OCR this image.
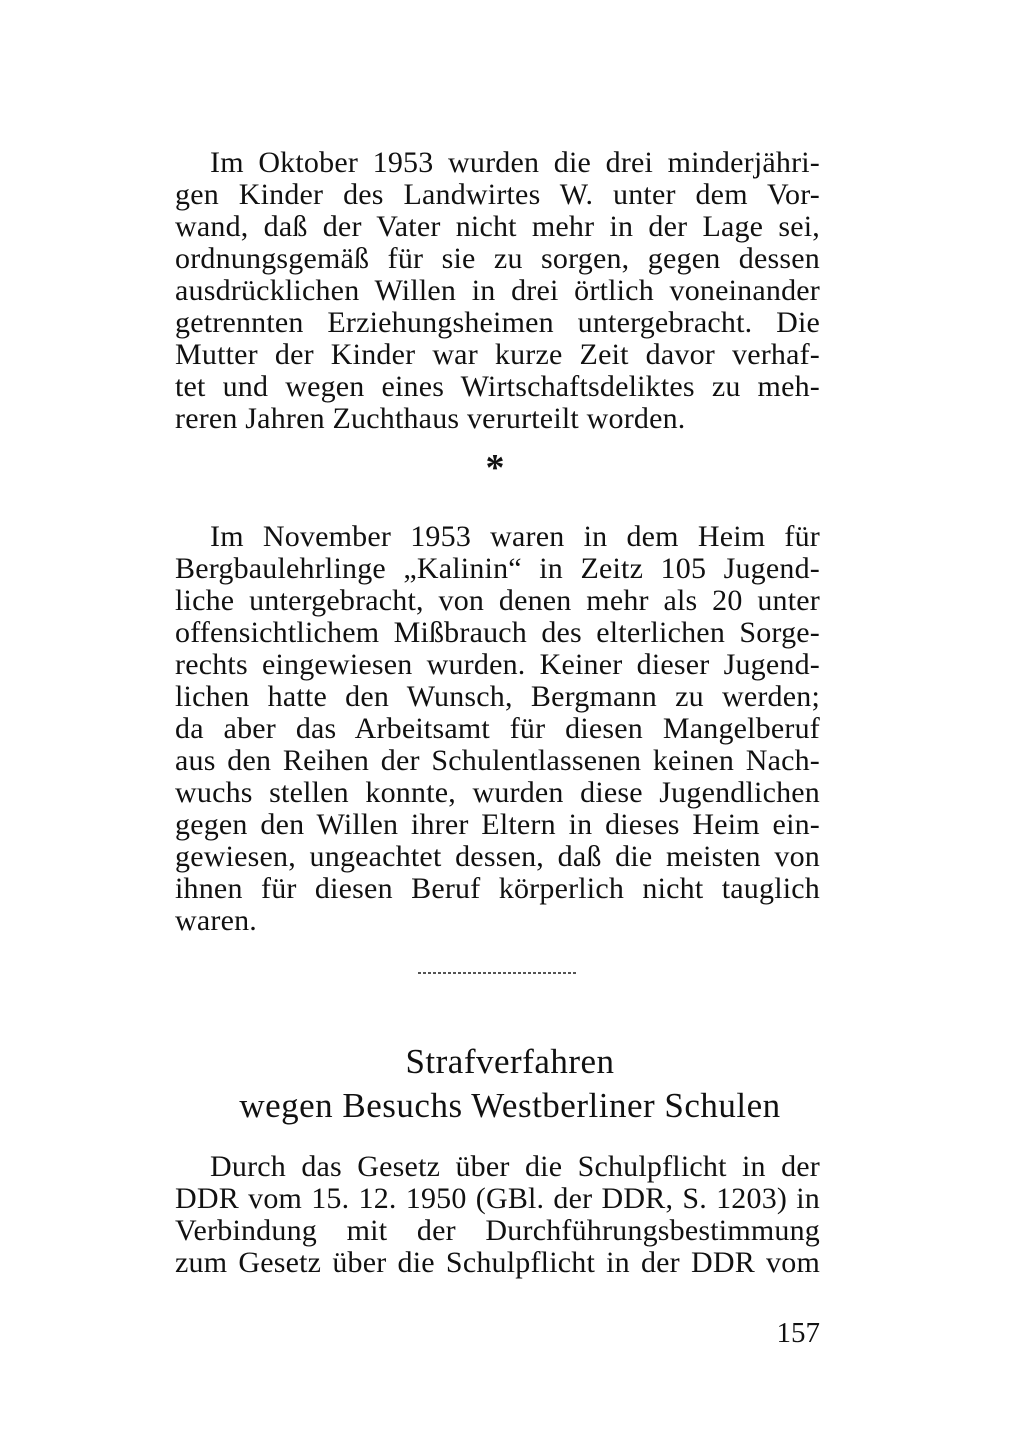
Im Oktober 1953 wurden die drei minderjähri-
gen Kinder des Landwirtes W. unter dem Vor-
wand, daß der Vater nicht mehr in der Lage sei,
ordnungsgemäß für sie zu sorgen, gegen dessen
ausdrücklichen Willen in drei örtlich voneinander
getrennten Erziehungsheimen untergebracht. Die
Mutter der Kinder war kurze Zeit davor verhaf-
tet und wegen eines Wirtschaftsdeliktes zu meh-
reren Jahren Zuchthaus verurteilt worden.
*
Im November 1953 waren in dem Heim für
Bergbaulehrlinge „Kalinin“ in Zeitz 105 Jugend-
liche untergebracht, von denen mehr als 20 unter
offensichtlichem Mißbrauch des elterlichen Sorge-
rechts eingewiesen wurden. Keiner dieser Jugend-
lichen hatte den Wunsch, Bergmann zu werden;
da aber das Arbeitsamt für diesen Mangelberuf
aus den Reihen der Schulentlassenen keinen Nach-
wuchs stellen konnte, wurden diese Jugendlichen
gegen den Willen ihrer Eltern in dieses Heim ein-
gewiesen, ungeachtet dessen, daß die meisten von
ihnen für diesen Beruf körperlich nicht tauglich
waren.
Strafverfahren
wegen Besuchs Westberliner Schulen
Durch das Gesetz über die Schulpflicht in der
DDR vom 15. 12. 1950 (GBl. der DDR, S. 1203) in
Verbindung mit der Durchführungsbestimmung
zum Gesetz über die Schulpflicht in der DDR vom
157
